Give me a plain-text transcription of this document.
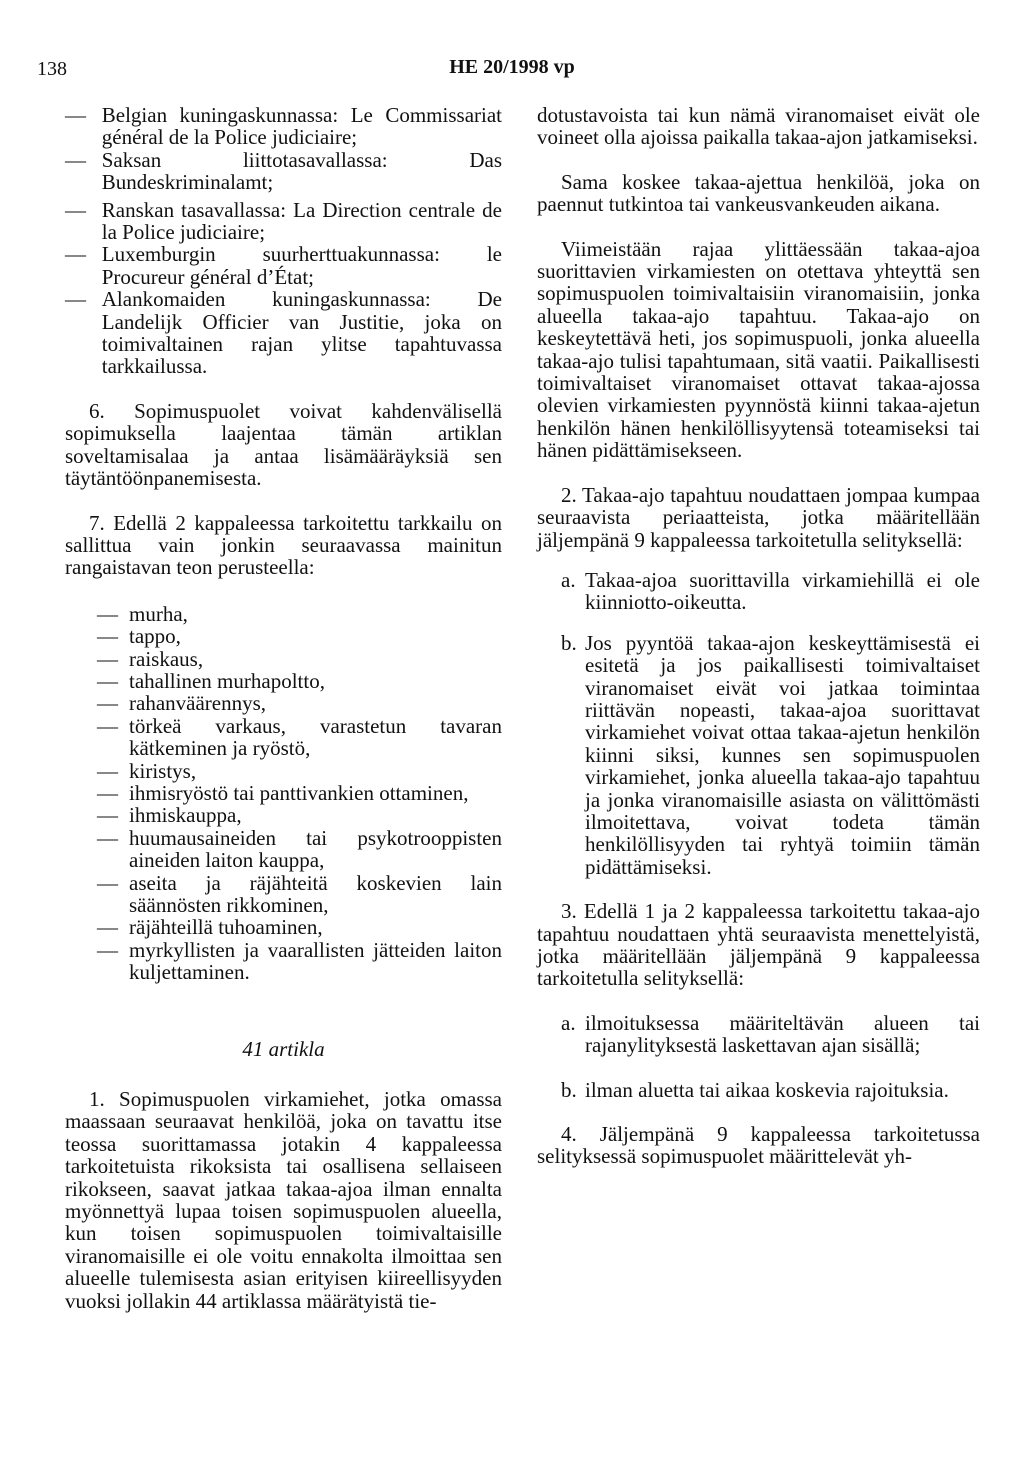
138	HE 20/1998 vp
— Belgian kuningaskunnassa: Le Commissariat général de la Police judiciaire;
— Saksan liittotasavallassa: Das Bundeskriminalamt;
— Ranskan tasavallassa: La Direction centrale de la Police judiciaire;
— Luxemburgin suurherttuakunnassa: le Procureur général d’État;
— Alankomaiden kuningaskunnassa: De Landelijk Officier van Justitie, joka on toimivaltainen rajan ylitse tapahtuvassa tarkkailussa.

6. Sopimuspuolet voivat kahdenvälisellä sopimuksella laajentaa tämän artiklan soveltamisalaa ja antaa lisämääräyksiä sen täytäntöönpanemisesta.

7. Edellä 2 kappaleessa tarkoitettu tarkkailu on sallittua vain jonkin seuraavassa mainitun rangaistavan teon perusteella:

— murha,
— tappo,
— raiskaus,
— tahallinen murhapoltto,
— rahanväärennys,
— törkeä varkaus, varastetun tavaran kätkeminen ja ryöstö,
— kiristys,
— ihmisryöstö tai panttivankien ottaminen,
— ihmiskauppa,
— huumausaineiden tai psykotrooppisten aineiden laiton kauppa,
— aseita ja räjähteitä koskevien lain säännösten rikkominen,
— räjähteillä tuhoaminen,
— myrkyllisten ja vaarallisten jätteiden laiton kuljettaminen.

41 artikla

1. Sopimuspuolen virkamiehet, jotka omassa maassaan seuraavat henkilöä, joka on tavattu itse teossa suorittamassa jotakin 4 kappaleessa tarkoitetuista rikoksista tai osallisena sellaiseen rikokseen, saavat jatkaa takaa-ajoa ilman ennalta myönnettyä lupaa toisen sopimuspuolen alueella, kun toisen sopimuspuolen toimivaltaisille viranomaisille ei ole voitu ennakolta ilmoittaa sen alueelle tulemisesta asian erityisen kiireellisyyden vuoksi jollakin 44 artiklassa määrätyistä tie-

dotustavoista tai kun nämä viranomaiset eivät ole voineet olla ajoissa paikalla takaa-ajon jatkamiseksi.

Sama koskee takaa-ajettua henkilöä, joka on paennut tutkintoa tai vankeusvankeuden aikana.

Viimeistään rajaa ylittäessään takaa-ajoa suorittavien virkamiesten on otettava yhteyttä sen sopimuspuolen toimivaltaisiin viranomaisiin, jonka alueella takaa-ajo tapahtuu. Takaa-ajo on keskeytettävä heti, jos sopimuspuoli, jonka alueella takaa-ajo tulisi tapahtumaan, sitä vaatii. Paikallisesti toimivaltaiset viranomaiset ottavat takaa-ajossa olevien virkamiesten pyynnöstä kiinni takaa-ajetun henkilön hänen henkilöllisyytensä toteamiseksi tai hänen pidättämisekseen.

2. Takaa-ajo tapahtuu noudattaen jompaa kumpaa seuraavista periaatteista, jotka määritellään jäljempänä 9 kappaleessa tarkoitetulla selityksellä:

a. Takaa-ajoa suorittavilla virkamiehillä ei ole kiinniotto-oikeutta.
b. Jos pyyntöä takaa-ajon keskeyttämisestä ei esitetä ja jos paikallisesti toimivaltaiset viranomaiset eivät voi jatkaa toimintaa riittävän nopeasti, takaa-ajoa suorittavat virkamiehet voivat ottaa takaa-ajetun henkilön kiinni siksi, kunnes sen sopimuspuolen virkamiehet, jonka alueella takaa-ajo tapahtuu ja jonka viranomaisille asiasta on välittömästi ilmoitettava, voivat todeta tämän henkilöllisyyden tai ryhtyä toimiin tämän pidättämiseksi.

3. Edellä 1 ja 2 kappaleessa tarkoitettu takaa-ajo tapahtuu noudattaen yhtä seuraavista menettelyistä, jotka määritellään jäljempänä 9 kappaleessa tarkoitetulla selityksellä:

a. ilmoituksessa määriteltävän alueen tai rajanylityksestä laskettavan ajan sisällä;
b. ilman aluetta tai aikaa koskevia rajoituksia.

4. Jäljempänä 9 kappaleessa tarkoitetussa selityksessä sopimuspuolet määrittelevät yh-
